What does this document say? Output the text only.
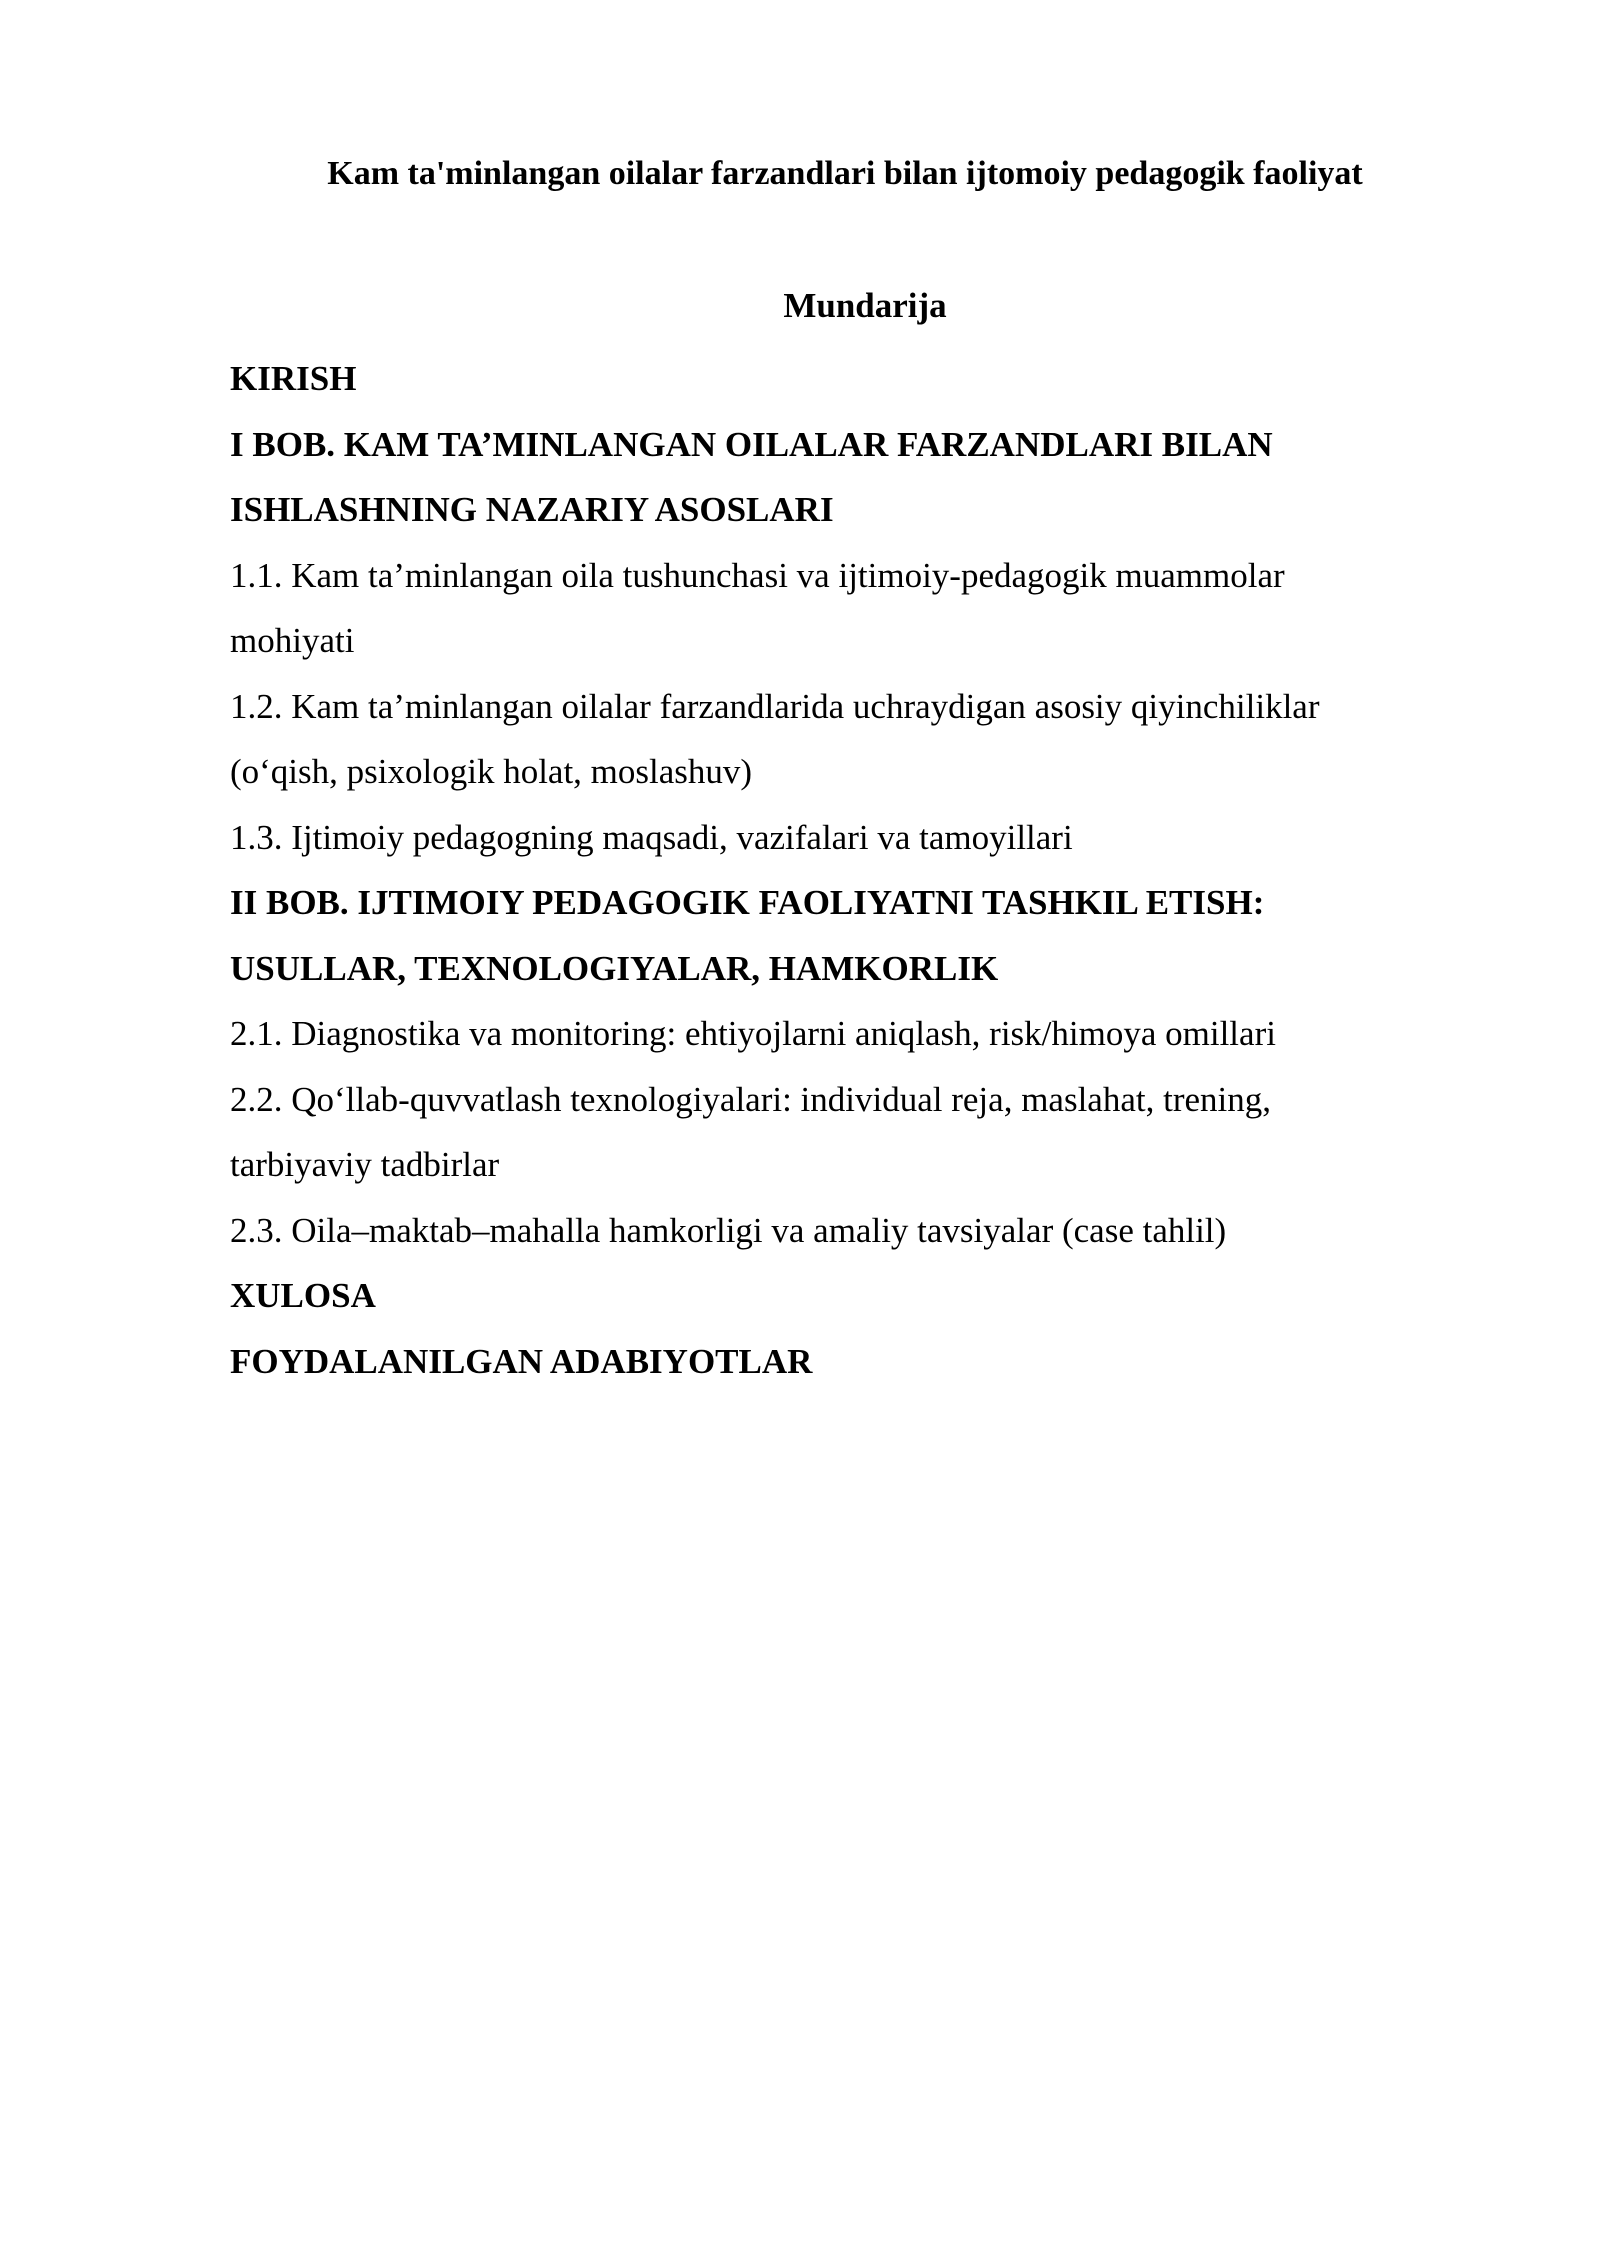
Kam ta'minlangan oilalar farzandlari bilan ijtomoiy pedagogik faoliyat
Mundarija
KIRISH
I BOB. KAM TA’MINLANGAN OILALAR FARZANDLARI BILAN
ISHLASHNING NAZARIY ASOSLARI
1.1. Kam ta’minlangan oila tushunchasi va ijtimoiy-pedagogik muammolar
mohiyati
1.2. Kam ta’minlangan oilalar farzandlarida uchraydigan asosiy qiyinchiliklar
(o‘qish, psixologik holat, moslashuv)
1.3. Ijtimoiy pedagogning maqsadi, vazifalari va tamoyillari
II BOB. IJTIMOIY PEDAGOGIK FAOLIYATNI TASHKIL ETISH:
USULLAR, TEXNOLOGIYALAR, HAMKORLIK
2.1. Diagnostika va monitoring: ehtiyojlarni aniqlash, risk/himoya omillari
2.2. Qo‘llab-quvvatlash texnologiyalari: individual reja, maslahat, trening,
tarbiyaviy tadbirlar
2.3. Oila–maktab–mahalla hamkorligi va amaliy tavsiyalar (case tahlil)
XULOSA
FOYDALANILGAN ADABIYOTLAR
